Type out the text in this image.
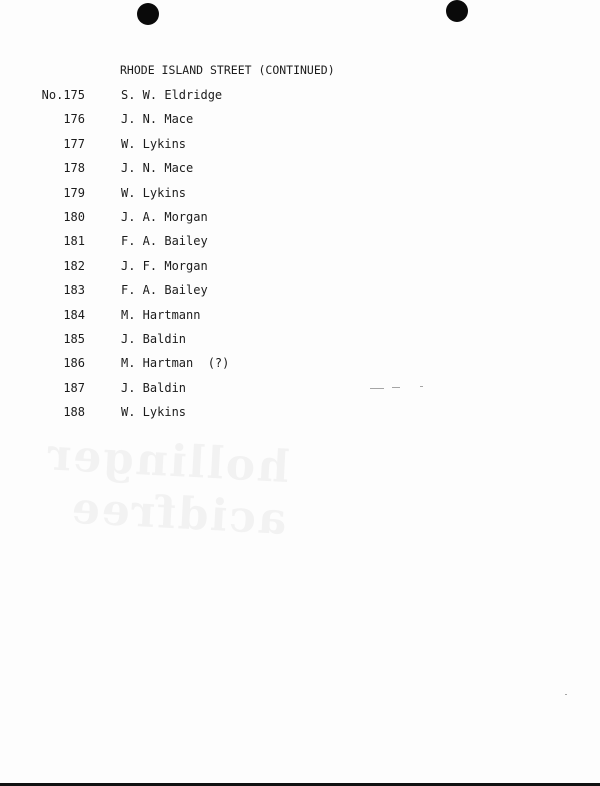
RHODE ISLAND STREET (CONTINUED)
No.175	S. W. Eldridge
176	J. N. Mace
177	W. Lykins
178	J. N. Mace
179	W. Lykins
180	J. A. Morgan
181	F. A. Bailey
182	J. F. Morgan
183	F. A. Bailey
184	M. Hartmann
185	J. Baldin
186	M. Hartman  (?)
187	J. Baldin
188	W. Lykins
